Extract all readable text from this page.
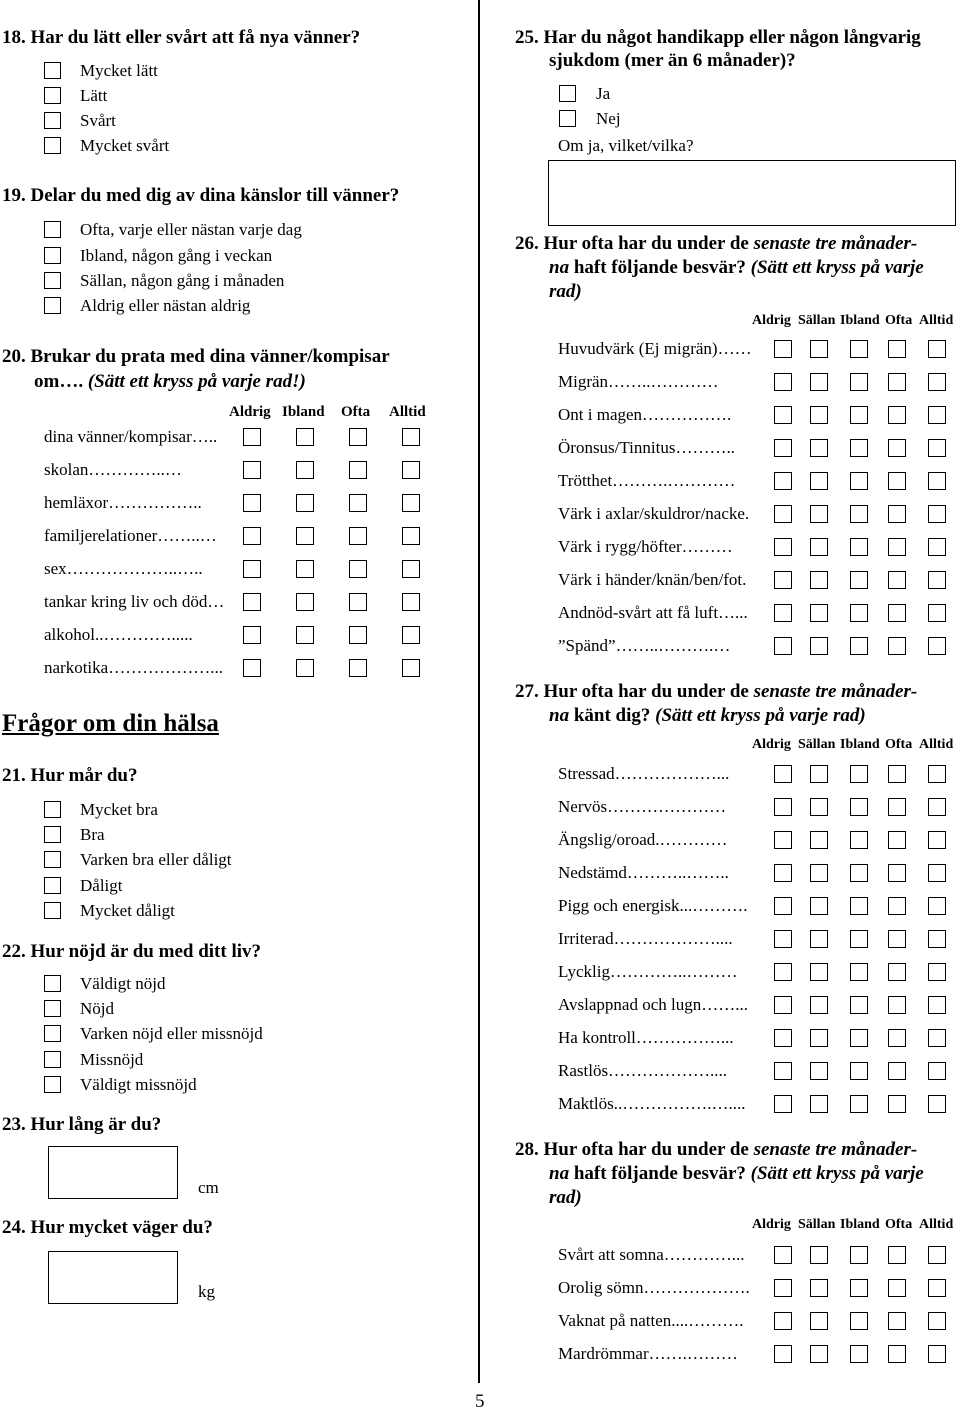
18. Har du lätt eller svårt att få nya vänner?
Mycket lätt
Lätt
Svårt
Mycket svårt
19. Delar du med dig av dina känslor till vänner?
Ofta, varje eller nästan varje dag
Ibland, någon gång i veckan
Sällan, någon gång i månaden
Aldrig eller nästan aldrig
20. Brukar du prata med dina vänner/kompisar
om…. (Sätt ett kryss på varje rad!)
Aldrig Ibland Ofta Alltid
dina vänner/kompisar…..
skolan…………..…
hemläxor……………..
familjerelationer……..…
sex………………..…..
tankar kring liv och död…
alkohol..………….....
narkotika………………...
Frågor om din hälsa
21. Hur mår du?
Mycket bra
Bra
Varken bra eller dåligt
Dåligt
Mycket dåligt
22. Hur nöjd är du med ditt liv?
Väldigt nöjd
Nöjd
Varken nöjd eller missnöjd
Missnöjd
Väldigt missnöjd
23. Hur lång är du?
cm
24. Hur mycket väger du?
kg
25. Har du något handikapp eller någon långvarig
sjukdom (mer än 6 månader)?
Ja
Nej
Om ja, vilket/vilka?
26. Hur ofta har du under de senaste tre månader-
na haft följande besvär? (Sätt ett kryss på varje
rad)
Aldrig Sällan Ibland Ofta Alltid
Huvudvärk (Ej migrän)……
Migrän……..…………
Ont i magen…………….
Öronsus/Tinnitus………..
Trötthet……….…………
Värk i axlar/skuldror/nacke.
Värk i rygg/höfter………
Värk i händer/knän/ben/fot.
Andnöd-svårt att få luft…...
”Spänd”……..……….…
27. Hur ofta har du under de senaste tre månader-
na känt dig? (Sätt ett kryss på varje rad)
Aldrig Sällan Ibland Ofta Alltid
Stressad………………...
Nervös…………………
Ängslig/oroad.…………
Nedstämd………..……..
Pigg och energisk...……….
Irriterad………………....
Lycklig…………..………
Avslappnad och lugn……...
Ha kontroll……………...
Rastlös………………....
Maktlös..…………….…....
28. Hur ofta har du under de senaste tre månader-
na haft följande besvär? (Sätt ett kryss på varje
rad)
Aldrig Sällan Ibland Ofta Alltid
Svårt att somna…………...
Orolig sömn……………….
Vaknat på natten....……….
Mardrömmar…….………
5
